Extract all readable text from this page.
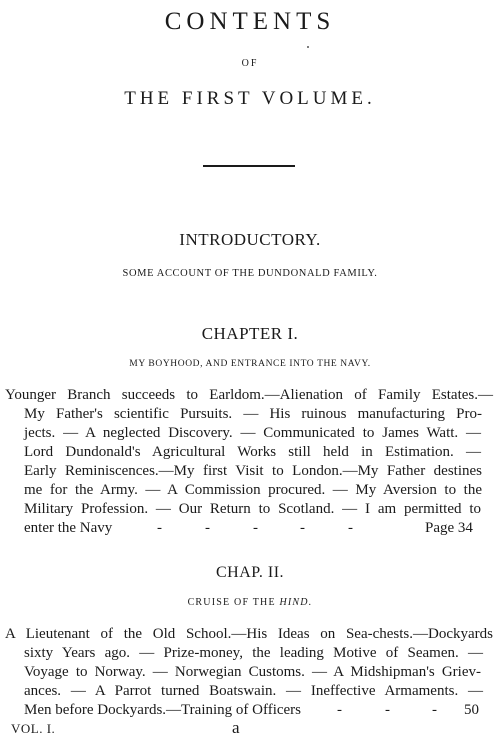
CONTENTS
OF
THE FIRST VOLUME.
INTRODUCTORY.
SOME ACCOUNT OF THE DUNDONALD FAMILY.
CHAPTER I.
MY BOYHOOD, AND ENTRANCE INTO THE NAVY.
Younger Branch succeeds to Earldom.—Alienation of Family Estates.—
My Father's scientific Pursuits. — His ruinous manufacturing Pro-
jects. — A neglected Discovery. — Communicated to James Watt. —
Lord Dundonald's Agricultural Works still held in Estimation. —
Early Reminiscences.—My first Visit to London.—My Father destines
me for the Army. — A Commission procured. — My Aversion to the
Military Profession. — Our Return to Scotland. — I am permitted to
enter the Navy	-	-	-	-	-	Page 34
CHAP. II.
CRUISE OF THE HIND.
A Lieutenant of the Old School.—His Ideas on Sea-chests.—Dockyards
sixty Years ago. — Prize-money, the leading Motive of Seamen. —
Voyage to Norway. — Norwegian Customs. — A Midshipman's Griev-
ances. — A Parrot turned Boatswain. — Ineffective Armaments. —
Men before Dockyards.—Training of Officers -	-	- 50
VOL. I.	a
